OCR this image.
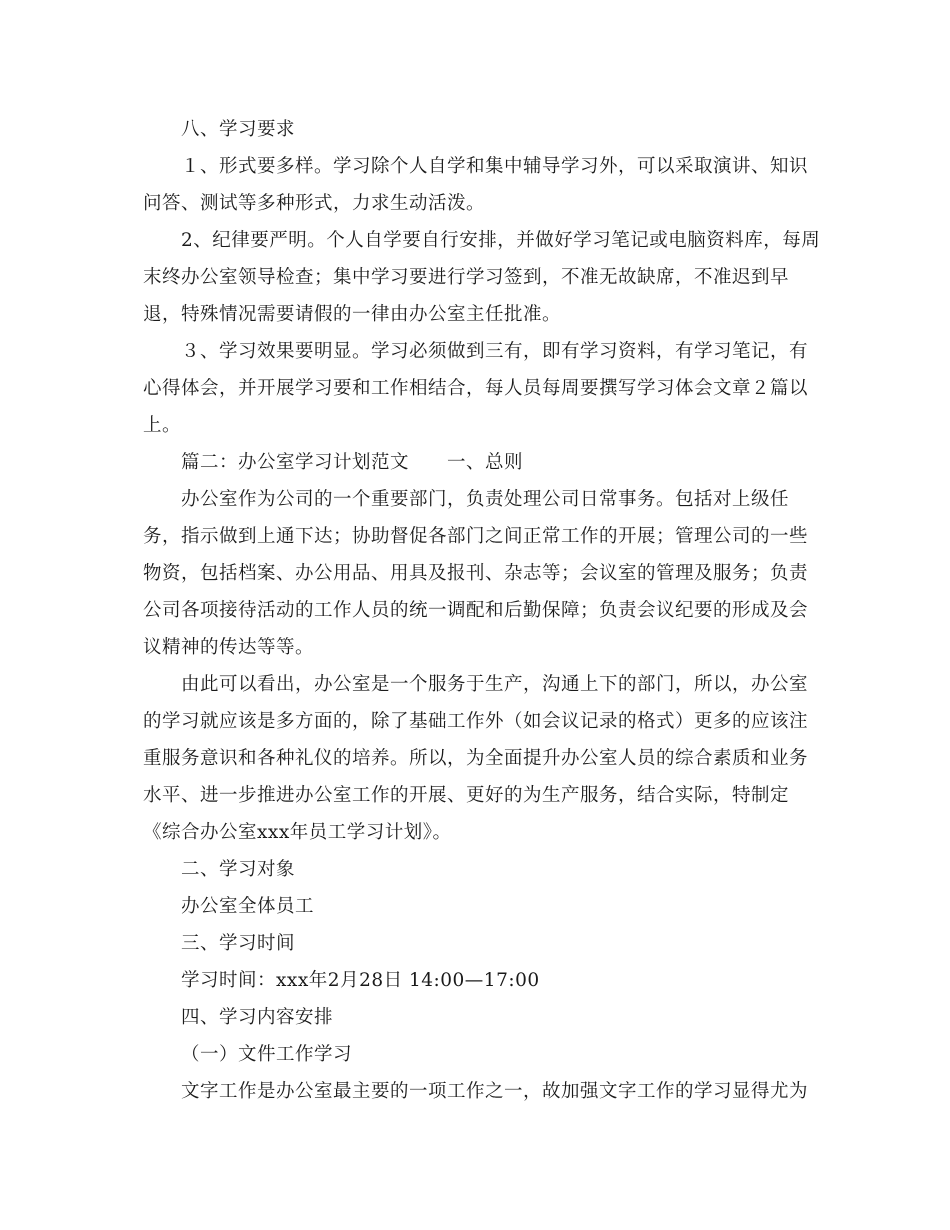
八、学习要求
１、形式要多样。学习除个人自学和集中辅导学习外，可以采取演讲、知识
问答、测试等多种形式，力求生动活泼。
2、纪律要严明。个人自学要自行安排，并做好学习笔记或电脑资料库，每周
末终办公室领导检查；集中学习要进行学习签到，不准无故缺席，不准迟到早
退，特殊情况需要请假的一律由办公室主任批准。
３、学习效果要明显。学习必须做到三有，即有学习资料，有学习笔记，有
心得体会，并开展学习要和工作相结合，每人员每周要撰写学习体会文章２篇以
上。
篇二：办公室学习计划范文　　一、总则
办公室作为公司的一个重要部门，负责处理公司日常事务。包括对上级任
务，指示做到上通下达；协助督促各部门之间正常工作的开展；管理公司的一些
物资，包括档案、办公用品、用具及报刊、杂志等；会议室的管理及服务；负责
公司各项接待活动的工作人员的统一调配和后勤保障；负责会议纪要的形成及会
议精神的传达等等。
由此可以看出，办公室是一个服务于生产，沟通上下的部门，所以，办公室
的学习就应该是多方面的，除了基础工作外（如会议记录的格式）更多的应该注
重服务意识和各种礼仪的培养。所以，为全面提升办公室人员的综合素质和业务
水平、进一步推进办公室工作的开展、更好的为生产服务，结合实际，特制定
《综合办公室xxx年员工学习计划》。
二、学习对象
办公室全体员工
三、学习时间
学习时间：xxx年2月28日 14:00—17:00
四、学习内容安排
（一）文件工作学习
文字工作是办公室最主要的一项工作之一，故加强文字工作的学习显得尤为
